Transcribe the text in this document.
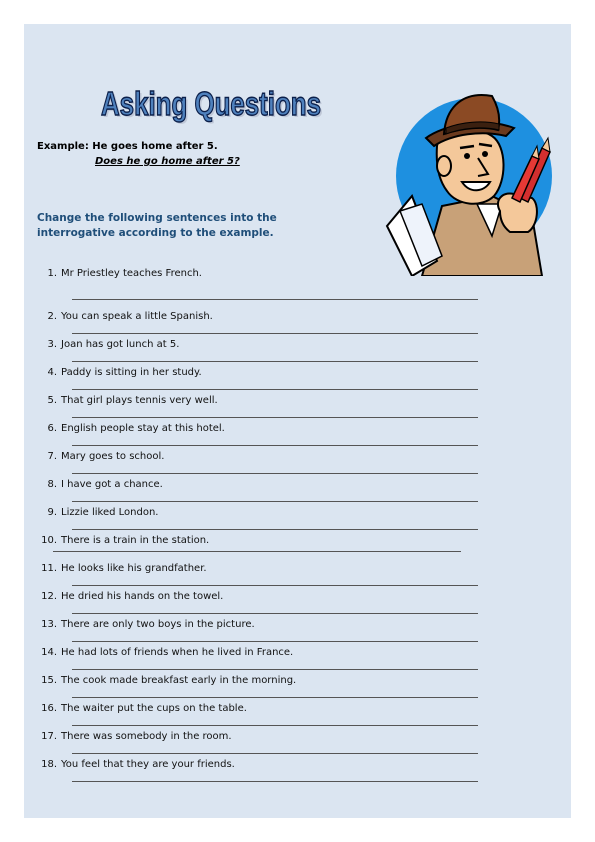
Asking Questions
Asking Questions
Example: He goes home after 5.
Does he go home after 5?
Change the following sentences into the interrogative according to the example.
1. Mr Priestley teaches French.
2. You can speak a little Spanish.
3. Joan has got lunch at 5.
4. Paddy is sitting in her study.
5. That girl plays tennis very well.
6. English people stay at this hotel.
7. Mary goes to school.
8. I have got a chance.
9. Lizzie liked London.
10. There is a train in the station.
11. He looks like his grandfather.
12. He dried his hands on the towel.
13. There are only two boys in the picture.
14. He had lots of friends when he lived in France.
15. The cook made breakfast early in the morning.
16. The waiter put the cups on the table.
17. There was somebody in the room.
18. You feel that they are your friends.
